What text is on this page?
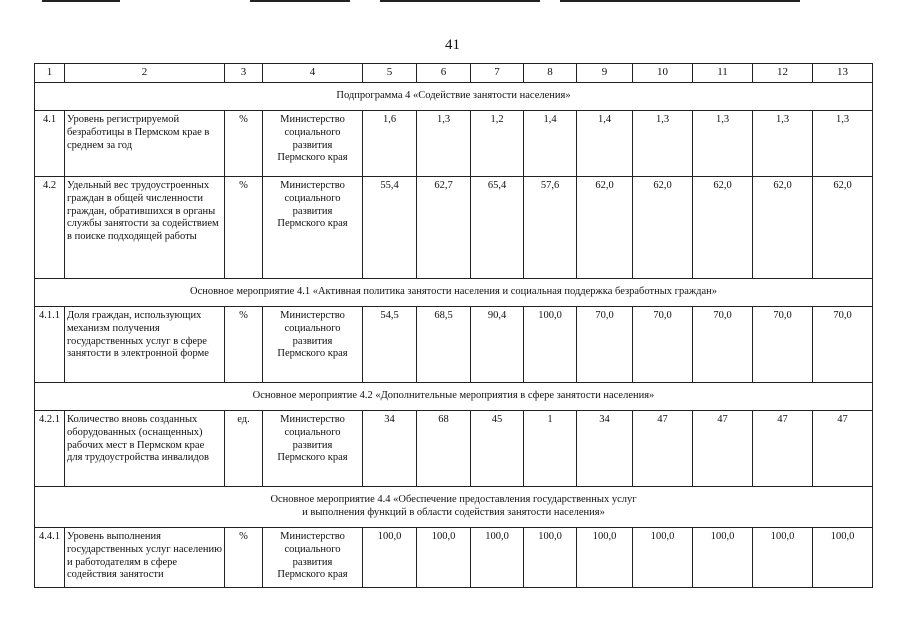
41
1	2	3	4	5	6	7	8	9	10	11	12	13
Подпрограмма 4 «Содействие занятости населения»												
4.1	Уровень регистрируемой безработицы в Пермском крае в среднем за год	%	Министерство
социального
развития
Пермского края	1,6	1,3	1,2	1,4	1,4	1,3	1,3	1,3	1,3
4.2	Удельный вес трудоустроенных граждан в общей численности граждан, обратившихся в органы службы занятости за содействием в поиске подходящей работы	%	Министерство
социального
развития
Пермского края	55,4	62,7	65,4	57,6	62,0	62,0	62,0	62,0	62,0
Основное мероприятие 4.1 «Активная политика занятости населения и социальная поддержка безработных граждан»												
4.1.1	Доля граждан, использующих механизм получения государственных услуг в сфере занятости в электронной форме	%	Министерство
социального
развития
Пермского края	54,5	68,5	90,4	100,0	70,0	70,0	70,0	70,0	70,0
Основное мероприятие 4.2 «Дополнительные мероприятия в сфере занятости населения»												
4.2.1	Количество вновь созданных оборудованных (оснащенных) рабочих мест в Пермском крае для трудоустройства инвалидов	ед.	Министерство
социального
развития
Пермского края	34	68	45	1	34	47	47	47	47

Основное мероприятие 4.4 «Обеспечение предоставления государственных услуг
и выполнения функций в области содействия занятости населения»												

4.4.1	Уровень выполнения государственных услуг населению и работодателям в сфере содействия занятости	%	Министерство
социального
развития
Пермского края	100,0	100,0	100,0	100,0	100,0	100,0	100,0	100,0	100,0
